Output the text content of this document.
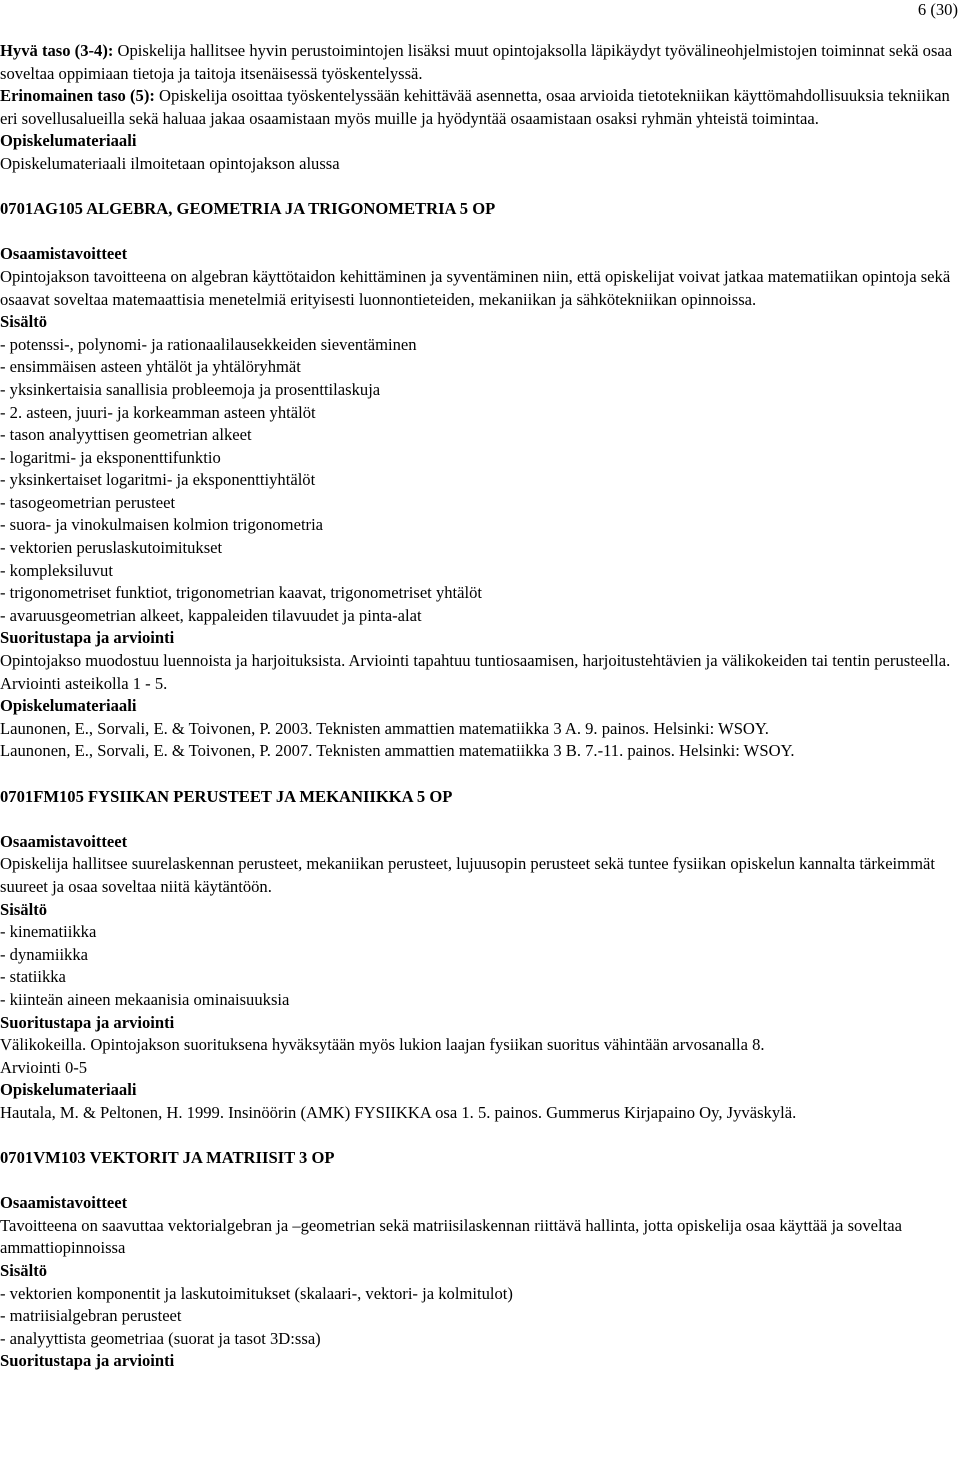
6 (30)

Hyvä taso (3-4): Opiskelija hallitsee hyvin perustoimintojen lisäksi muut opintojaksolla läpikäydyt työvälineohjelmistojen toiminnat sekä osaa soveltaa oppimiaan tietoja ja taitoja itsenäisessä työskentelyssä.

Erinomainen taso (5): Opiskelija osoittaa työskentelyssään kehittävää asennetta, osaa arvioida tietotekniikan käyttömahdollisuuksia tekniikan eri sovellusalueilla sekä haluaa jakaa osaamistaan myös muille ja hyödyntää osaamistaan osaksi ryhmän yhteistä toimintaa.

Opiskelumateriaali

Opiskelumateriaali ilmoitetaan opintojakson alussa

0701AG105 ALGEBRA, GEOMETRIA JA TRIGONOMETRIA 5 OP

Osaamistavoitteet

Opintojakson tavoitteena on algebran käyttötaidon kehittäminen ja syventäminen niin, että opiskelijat voivat jatkaa matematiikan opintoja sekä osaavat soveltaa matemaattisia menetelmiä erityisesti luonnontieteiden, mekaniikan ja sähkötekniikan opinnoissa.

Sisältö

- potenssi-, polynomi- ja rationaalilausekkeiden sieventäminen

- ensimmäisen asteen yhtälöt ja yhtälöryhmät

- yksinkertaisia sanallisia probleemoja ja prosenttilaskuja

- 2. asteen, juuri- ja korkeamman asteen yhtälöt

- tason analyyttisen geometrian alkeet

- logaritmi- ja eksponenttifunktio

- yksinkertaiset logaritmi- ja eksponenttiyhtälöt

- tasogeometrian perusteet

- suora- ja vinokulmaisen kolmion trigonometria

- vektorien peruslaskutoimitukset

- kompleksiluvut

- trigonometriset funktiot, trigonometrian kaavat, trigonometriset yhtälöt

- avaruusgeometrian alkeet, kappaleiden tilavuudet ja pinta-alat

Suoritustapa ja arviointi

Opintojakso muodostuu luennoista ja harjoituksista. Arviointi tapahtuu tuntiosaamisen, harjoitustehtävien ja välikokeiden tai tentin perusteella.

Arviointi asteikolla 1 - 5.

Opiskelumateriaali

Launonen, E., Sorvali, E. & Toivonen, P. 2003. Teknisten ammattien matematiikka 3 A. 9. painos. Helsinki: WSOY.

Launonen, E., Sorvali, E. & Toivonen, P. 2007. Teknisten ammattien matematiikka 3 B. 7.-11. painos. Helsinki: WSOY.

0701FM105 FYSIIKAN PERUSTEET JA MEKANIIKKA 5 OP

Osaamistavoitteet

Opiskelija hallitsee suurelaskennan perusteet, mekaniikan perusteet, lujuusopin perusteet sekä tuntee fysiikan opiskelun kannalta tärkeimmät suureet ja osaa soveltaa niitä käytäntöön.

Sisältö

- kinematiikka

- dynamiikka

- statiikka

- kiinteän aineen mekaanisia ominaisuuksia

Suoritustapa ja arviointi

Välikokeilla. Opintojakson suorituksena hyväksytään myös lukion laajan fysiikan suoritus vähintään arvosanalla 8.

Arviointi 0-5

Opiskelumateriaali

Hautala, M. & Peltonen, H. 1999. Insinöörin (AMK) FYSIIKKA osa 1. 5. painos. Gummerus Kirjapaino Oy, Jyväskylä.

0701VM103 VEKTORIT JA MATRIISIT 3 OP

Osaamistavoitteet

Tavoitteena on saavuttaa vektorialgebran ja –geometrian sekä matriisilaskennan riittävä hallinta, jotta opiskelija osaa käyttää ja soveltaa ammattiopinnoissa

Sisältö

- vektorien komponentit ja laskutoimitukset (skalaari-, vektori- ja kolmitulot)

- matriisialgebran perusteet

- analyyttista geometriaa (suorat ja tasot 3D:ssa)

Suoritustapa ja arviointi
